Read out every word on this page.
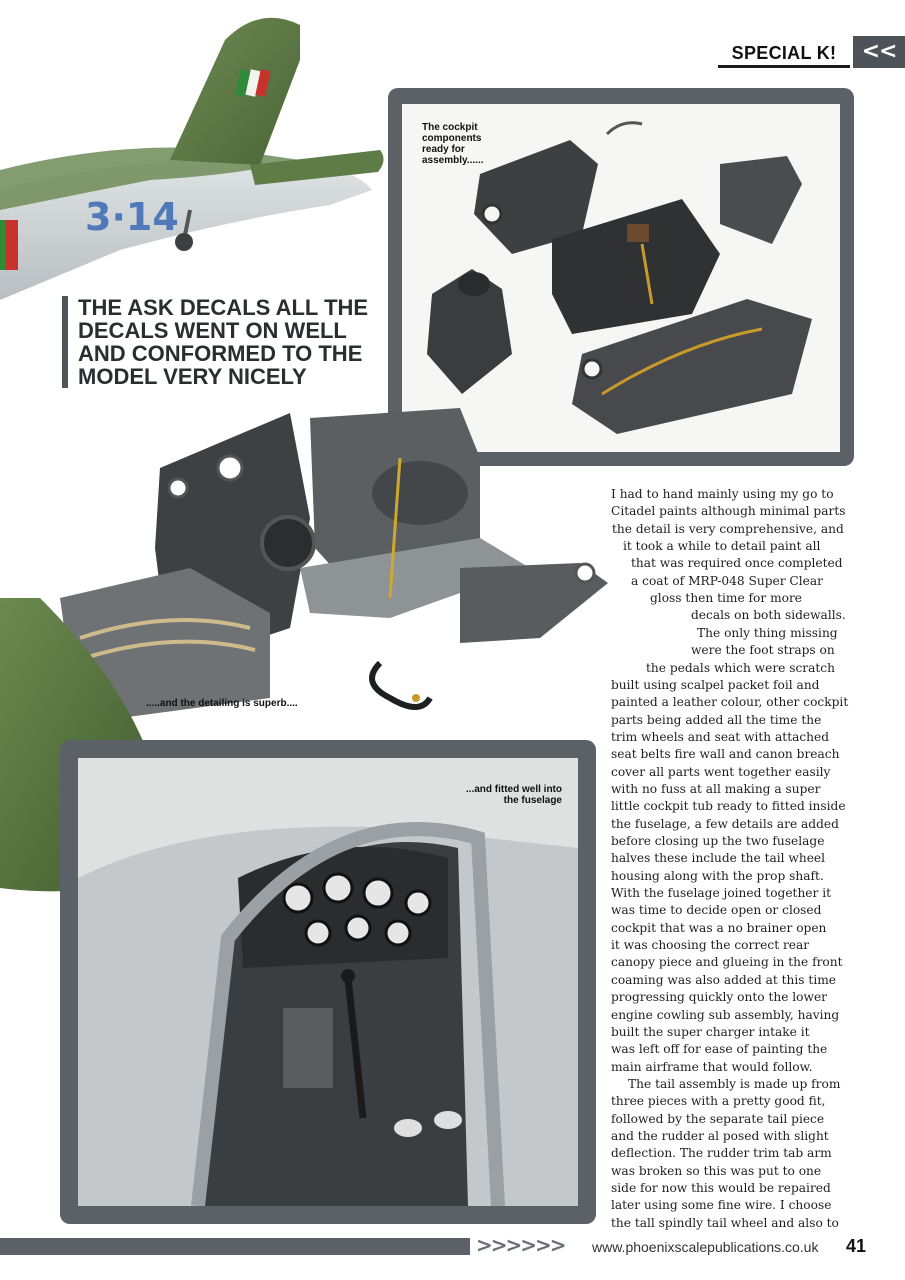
SPECIAL K!	<<
3·14
THE ASK DECALS ALL THE DECALS WENT ON WELL AND CONFORMED TO THE MODEL VERY NICELY
The cockpit components ready for assembly......
.....and the detailing is superb....
...and fitted well into the fuselage
I had to hand mainly using my go to
Citadel paints although minimal parts
the detail is very comprehensive, and
it took a while to detail paint all
that was required once completed
a coat of MRP-048 Super Clear
gloss then time for more
decals on both sidewalls.
The only thing missing
were the foot straps on
the pedals which were scratch
built using scalpel packet foil and
painted a leather colour, other cockpit
parts being added all the time the
trim wheels and seat with attached
seat belts fire wall and canon breach
cover all parts went together easily
with no fuss at all making a super
little cockpit tub ready to fitted inside
the fuselage, a few details are added
before closing up the two fuselage
halves these include the tail wheel
housing along with the prop shaft.
With the fuselage joined together it
was time to decide open or closed
cockpit that was a no brainer open
it was choosing the correct rear
canopy piece and glueing in the front
coaming was also added at this time
progressing quickly onto the lower
engine cowling sub assembly, having
built the super charger intake it
was left off for ease of painting the
main airframe that would follow.
The tail assembly is made up from
three pieces with a pretty good fit,
followed by the separate tail piece
and the rudder al posed with slight
deflection. The rudder trim tab arm
was broken so this was put to one
side for now this would be repaired
later using some fine wire. I choose
the tall spindly tail wheel and also to
>>>>>>	www.phoenixscalepublications.co.uk	41
